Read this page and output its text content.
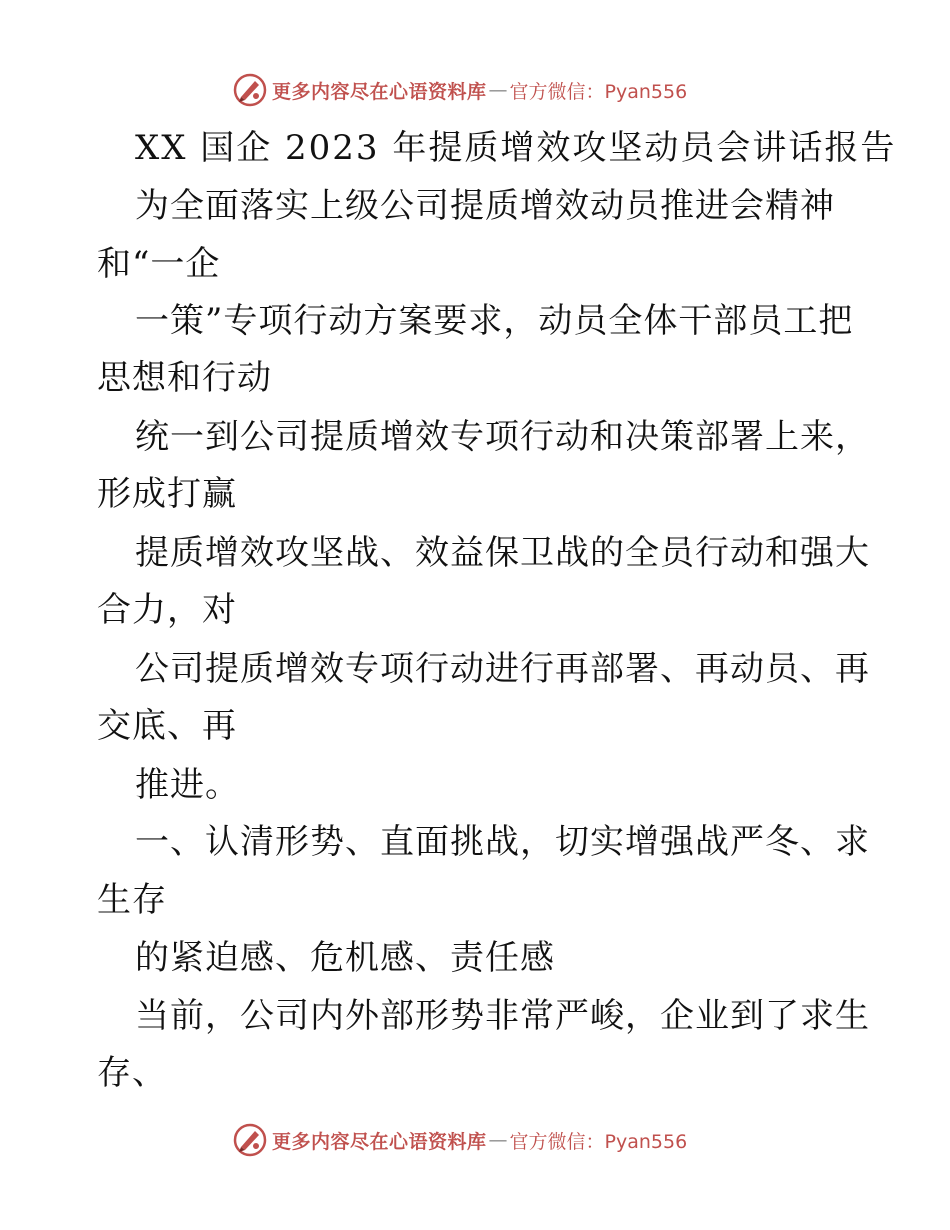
更多内容尽在心语资料库 — 官方微信：Pyan556
XX 国企 2023 年提质增效攻坚动员会讲话报告
为全面落实上级公司提质增效动员推进会精神
和“一企
一策”专项行动方案要求，动员全体干部员工把
思想和行动
统一到公司提质增效专项行动和决策部署上来，
形成打赢
提质增效攻坚战、效益保卫战的全员行动和强大
合力，对
公司提质增效专项行动进行再部署、再动员、再
交底、再
推进。
一、认清形势、直面挑战，切实增强战严冬、求
生存
的紧迫感、危机感、责任感
当前，公司内外部形势非常严峻，企业到了求生
存、
更多内容尽在心语资料库 — 官方微信：Pyan556
